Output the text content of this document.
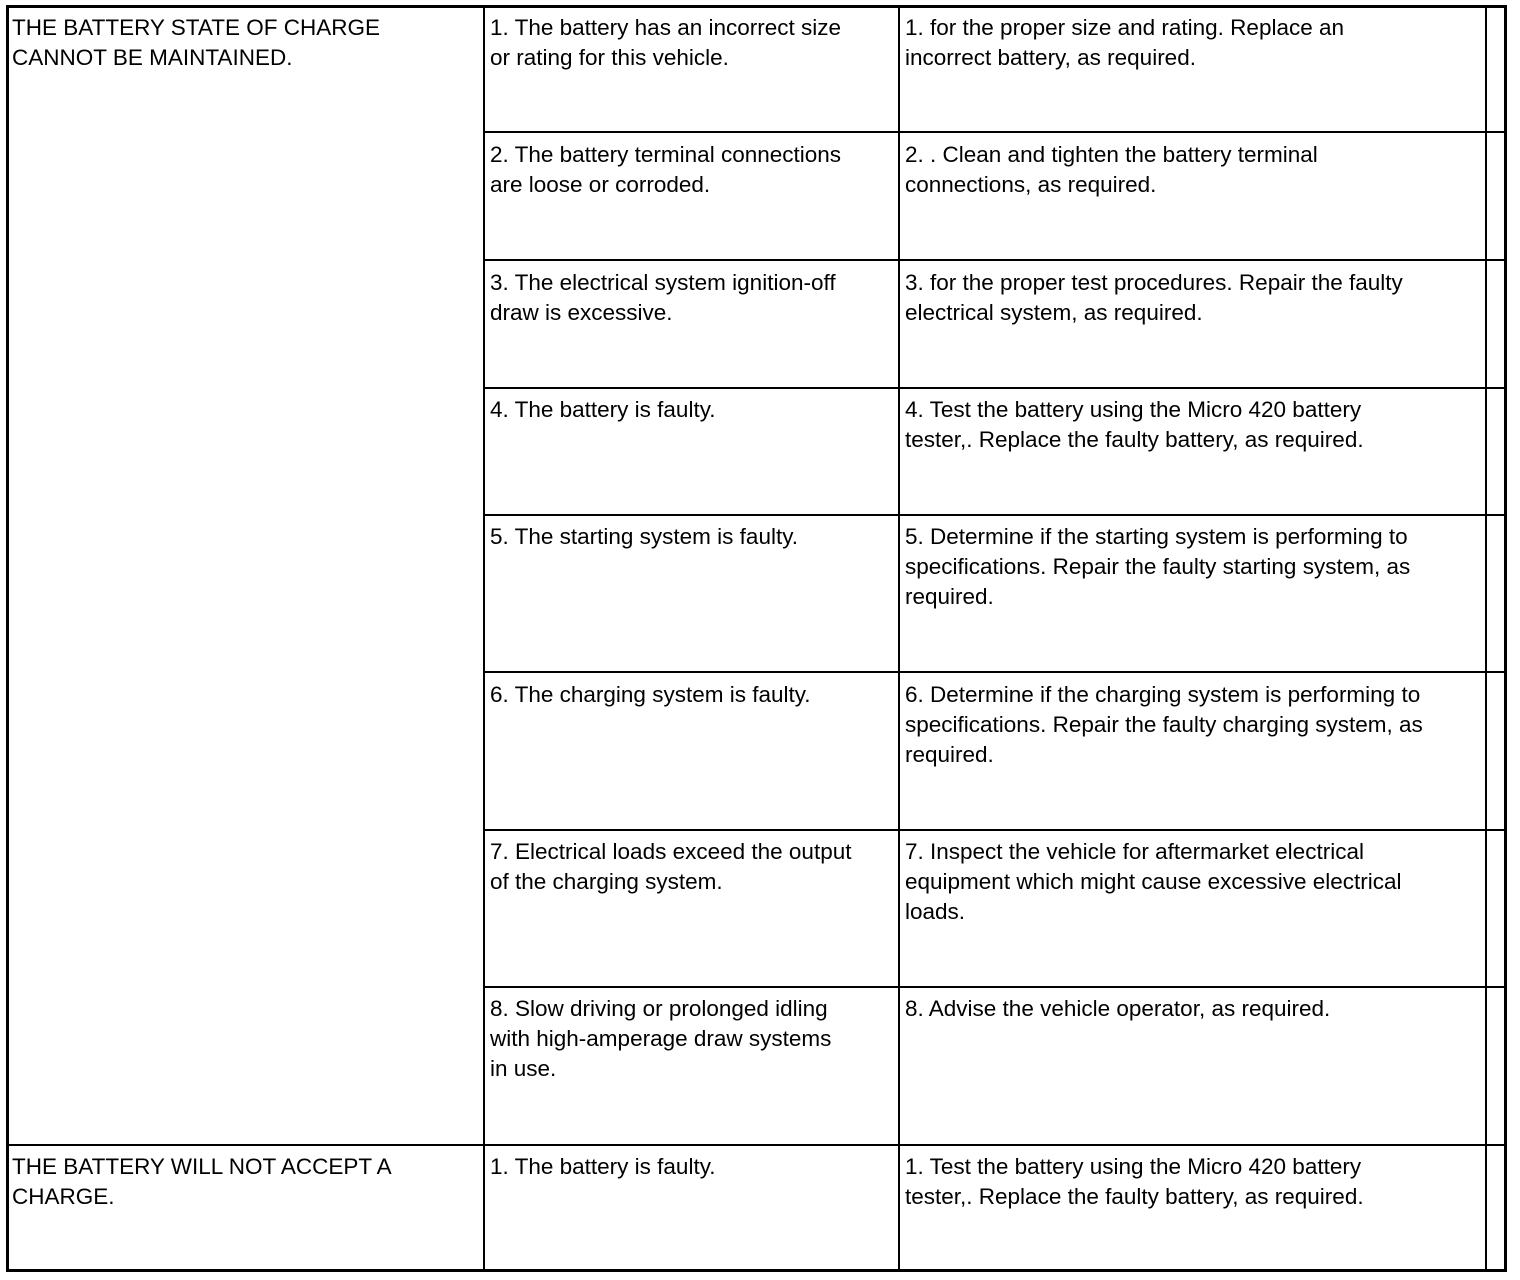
THE BATTERY STATE OF CHARGE
CANNOT BE MAINTAINED.
THE BATTERY WILL NOT ACCEPT A
CHARGE.
1. The battery has an incorrect size
or rating for this vehicle.
2. The battery terminal connections
are loose or corroded.
3. The electrical system ignition-off
draw is excessive.
4. The battery is faulty.
5. The starting system is faulty.
6. The charging system is faulty.
7. Electrical loads exceed the output
of the charging system.
8. Slow driving or prolonged idling
with high-amperage draw systems
in use.
1. The battery is faulty.
1. for the proper size and rating. Replace an
incorrect battery, as required.
2. . Clean and tighten the battery terminal
connections, as required.
3. for the proper test procedures. Repair the faulty
electrical system, as required.
4. Test the battery using the Micro 420 battery
tester,. Replace the faulty battery, as required.
5. Determine if the starting system is performing to
specifications. Repair the faulty starting system, as
required.
6. Determine if the charging system is performing to
specifications. Repair the faulty charging system, as
required.
7. Inspect the vehicle for aftermarket electrical
equipment which might cause excessive electrical
loads.
8. Advise the vehicle operator, as required.
1. Test the battery using the Micro 420 battery
tester,. Replace the faulty battery, as required.
